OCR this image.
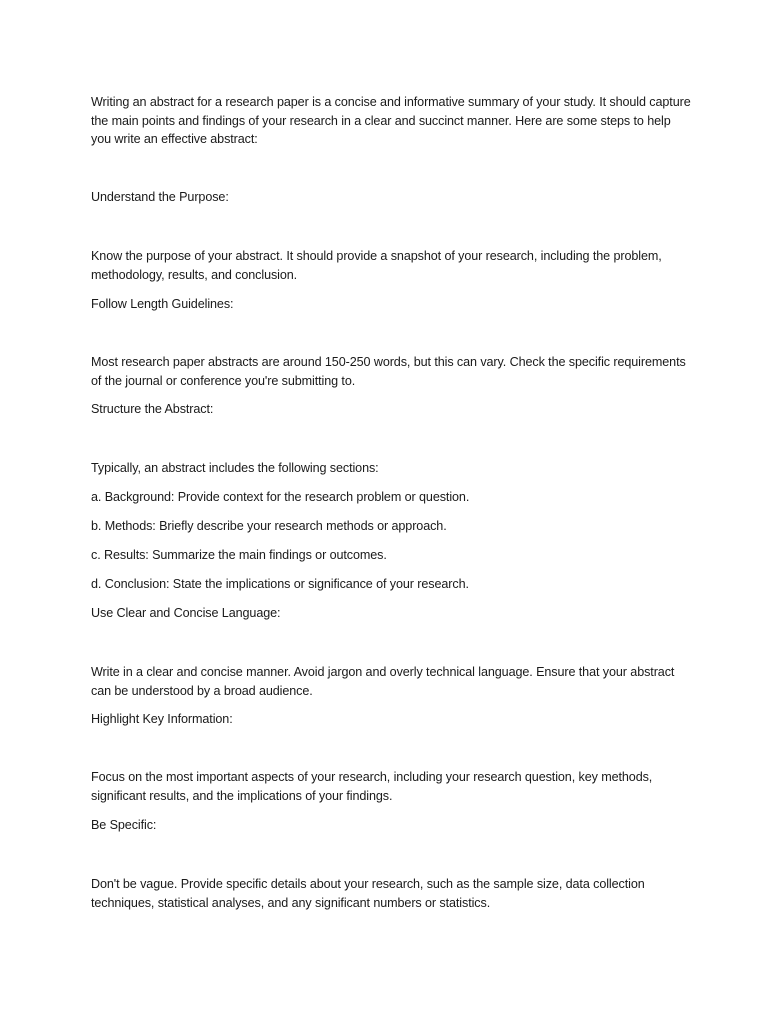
Writing an abstract for a research paper is a concise and informative summary of your study. It should capture the main points and findings of your research in a clear and succinct manner. Here are some steps to help you write an effective abstract:

Understand the Purpose:

Know the purpose of your abstract. It should provide a snapshot of your research, including the problem, methodology, results, and conclusion.

Follow Length Guidelines:

Most research paper abstracts are around 150-250 words, but this can vary. Check the specific requirements of the journal or conference you're submitting to.

Structure the Abstract:

Typically, an abstract includes the following sections:

a. Background: Provide context for the research problem or question.

b. Methods: Briefly describe your research methods or approach.

c. Results: Summarize the main findings or outcomes.

d. Conclusion: State the implications or significance of your research.

Use Clear and Concise Language:

Write in a clear and concise manner. Avoid jargon and overly technical language. Ensure that your abstract can be understood by a broad audience.

Highlight Key Information:

Focus on the most important aspects of your research, including your research question, key methods, significant results, and the implications of your findings.

Be Specific:

Don't be vague. Provide specific details about your research, such as the sample size, data collection techniques, statistical analyses, and any significant numbers or statistics.
